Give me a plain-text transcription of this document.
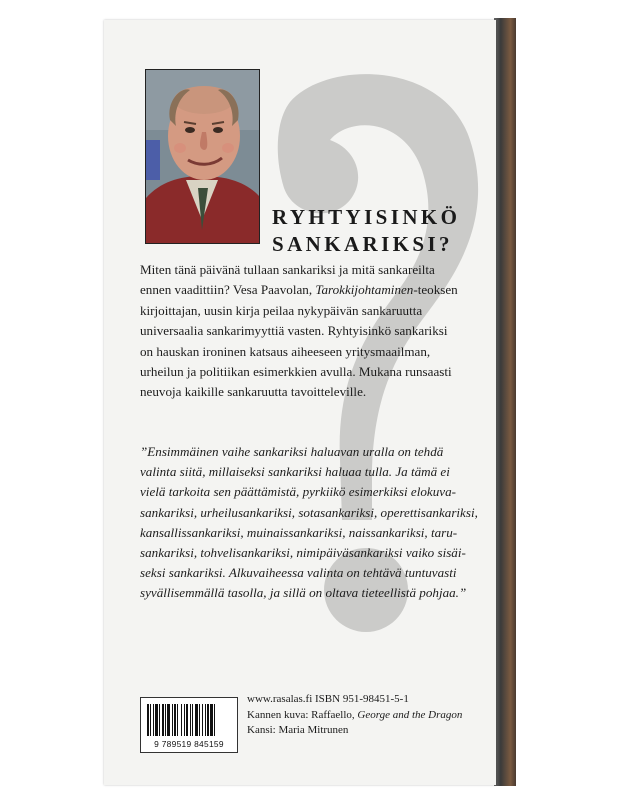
RYHTYISINKÖ
SANKARIKSI?

Miten tänä päivänä tullaan sankariksi ja mitä sankareilta
ennen vaadittiin? Vesa Paavolan, Tarokkijohtaminen-teoksen
kirjoittajan, uusin kirja peilaa nykypäivän sankaruutta
universaalia sankarimyyttiä vasten. Ryhtyisinkö sankariksi
on hauskan ironinen katsaus aiheeseen yritysmaailman,
urheilun ja politiikan esimerkkien avulla. Mukana runsaasti
neuvoja kaikille sankaruutta tavoitteleville.

”Ensimmäinen vaihe sankariksi haluavan uralla on tehdä
valinta siitä, millaiseksi sankariksi haluaa tulla. Ja tämä ei
vielä tarkoita sen päättämistä, pyrkiikö esimerkiksi elokuva-
sankariksi, urheilusankariksi, sotasankariksi, operettisankariksi,
kansallissankariksi, muinaissankariksi, naissankariksi, taru-
sankariksi, tohvelisankariksi, nimipäiväsankariksi vaiko sisäi-
seksi sankariksi. Alkuvaiheessa valinta on tehtävä tuntuvasti
syvällisemmällä tasolla, ja sillä on oltava tieteellistä pohjaa.”

9 789519 845159
www.rasalas.fi ISBN 951-98451-5-1 Kannen kuva: Raffaello, George and the Dragon Kansi: Maria Mitrunen
